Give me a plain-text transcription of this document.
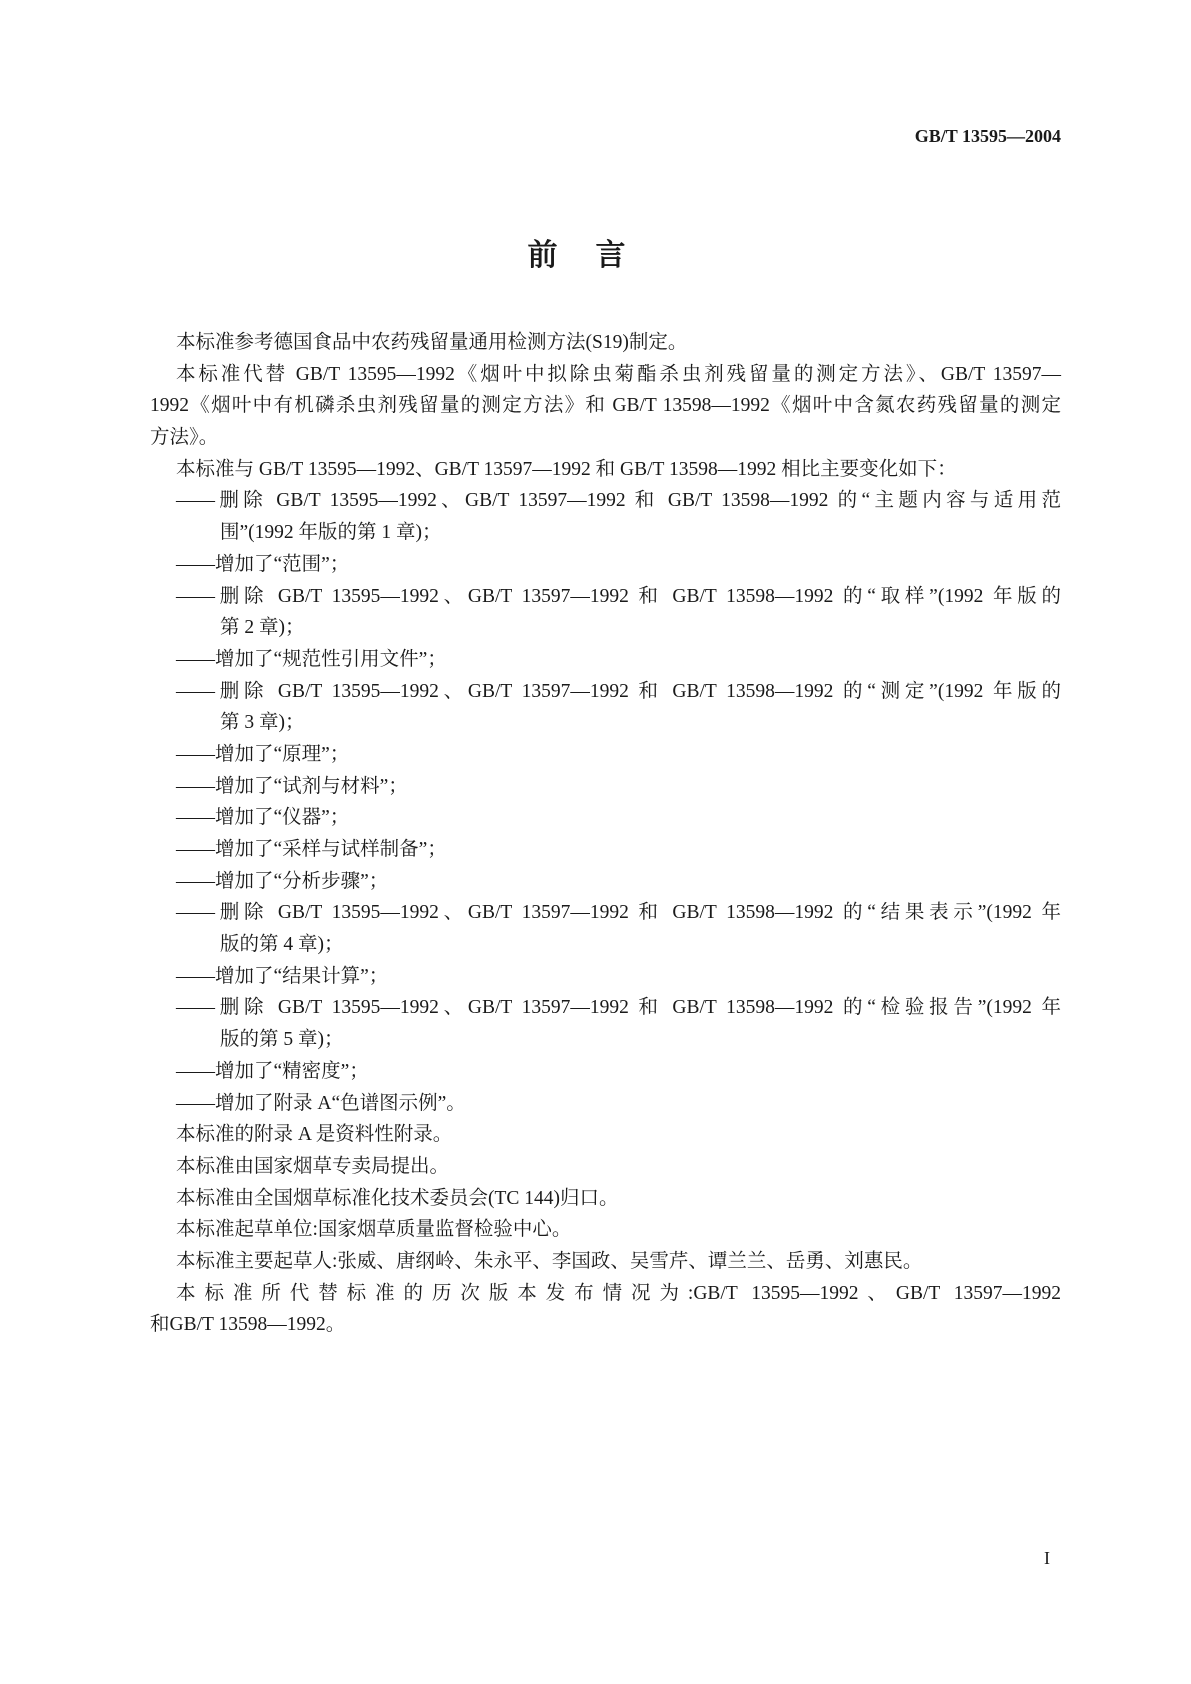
GB/T 13595—2004
前言
本标准参考德国食品中农药残留量通用检测方法(S19)制定。
本标准代替 GB/T 13595—1992《烟叶中拟除虫菊酯杀虫剂残留量的测定方法》、GB/T 13597—
1992《烟叶中有机磷杀虫剂残留量的测定方法》和 GB/T 13598—1992《烟叶中含氮农药残留量的测定
方法》。
本标准与 GB/T 13595—1992、GB/T 13597—1992 和 GB/T 13598—1992 相比主要变化如下：
——删除 GB/T 13595—1992、GB/T 13597—1992 和 GB/T 13598—1992 的“主题内容与适用范
围”(1992 年版的第 1 章)；
——增加了“范围”；
——删除 GB/T 13595—1992、GB/T 13597—1992 和 GB/T 13598—1992 的“取样”(1992 年版的
第 2 章)；
——增加了“规范性引用文件”；
——删除 GB/T 13595—1992、GB/T 13597—1992 和 GB/T 13598—1992 的“测定”(1992 年版的
第 3 章)；
——增加了“原理”；
——增加了“试剂与材料”；
——增加了“仪器”；
——增加了“采样与试样制备”；
——增加了“分析步骤”；
——删除 GB/T 13595—1992、GB/T 13597—1992 和 GB/T 13598—1992 的“结果表示”(1992 年
版的第 4 章)；
——增加了“结果计算”；
——删除 GB/T 13595—1992、GB/T 13597—1992 和 GB/T 13598—1992 的“检验报告”(1992 年
版的第 5 章)；
——增加了“精密度”；
——增加了附录 A“色谱图示例”。
本标准的附录 A 是资料性附录。
本标准由国家烟草专卖局提出。
本标准由全国烟草标准化技术委员会(TC 144)归口。
本标准起草单位:国家烟草质量监督检验中心。
本标准主要起草人:张威、唐纲岭、朱永平、李国政、吴雪芹、谭兰兰、岳勇、刘惠民。
本标准所代替标准的历次版本发布情况为:GB/T 13595—1992、GB/T 13597—1992
和GB/T 13598—1992。
I
